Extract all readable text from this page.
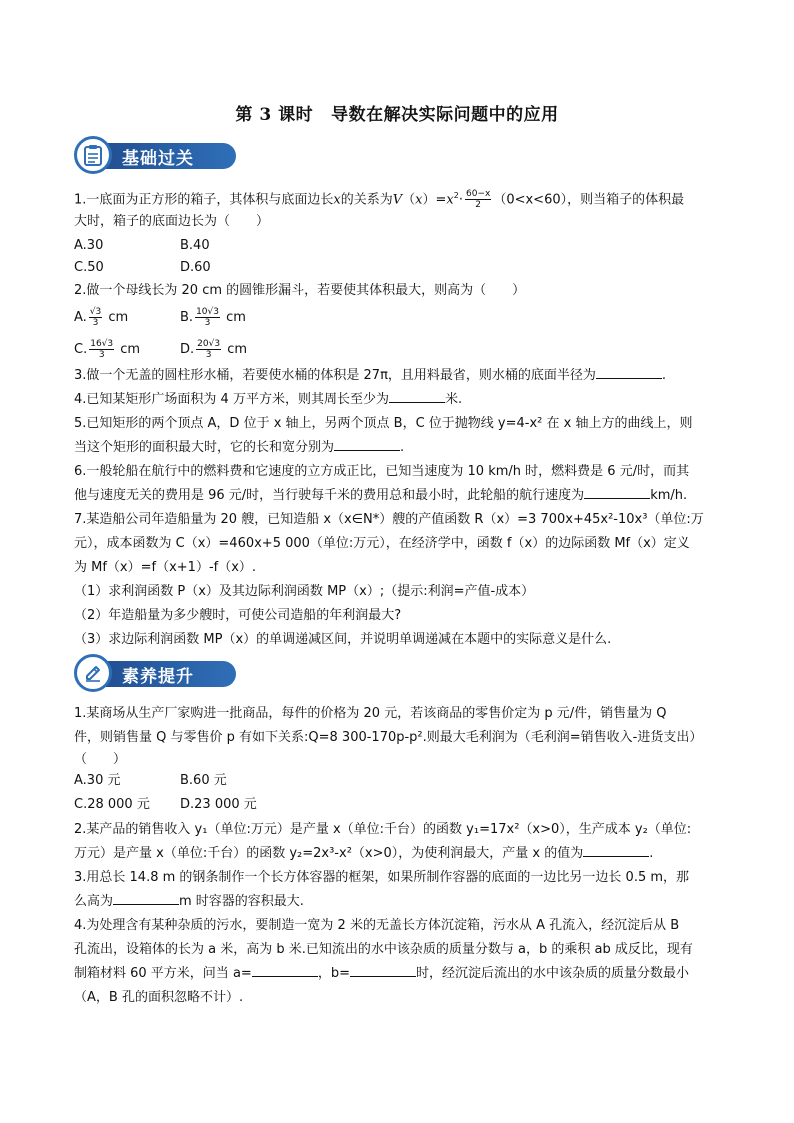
第 3 课时 导数在解决实际问题中的应用
基础过关
1.一底面为正方形的箱子，其体积与底面边长x的关系为$V(x)=x^2\cdot \frac{60-x}{2} (0<x<60)$，则当箱子的体积最
大时，箱子的底面边长为（　　）
A.30	B.40
C.50	D.60
2.做一个母线长为 20 cm 的圆锥形漏斗，若要使其体积最大，则高为（　　）
A. $\frac{√3}{3}$ cm	B. $\frac{10√3}{3}$ cm
C. $\frac{16√3}{3}$ cm	D. $\frac{20√3}{3}$ cm
3.做一个无盖的圆柱形水桶，若要使水桶的体积是 27π，且用料最省，则水桶的底面半径为	.
4.已知某矩形广场面积为 4 万平方米，则其周长至少为	米.
5.已知矩形的两个顶点 A，D 位于 x 轴上，另两个顶点 B，C 位于抛物线 y=4-x² 在 x 轴上方的曲线上，则
当这个矩形的面积最大时，它的长和宽分别为	.
6.一般轮船在航行中的燃料费和它速度的立方成正比，已知当速度为 10 km/h 时，燃料费是 6 元/时，而其
他与速度无关的费用是 96 元/时，当行驶每千米的费用总和最小时，此轮船的航行速度为	km/h.
7.某造船公司年造船量为 20 艘，已知造船 x（x∈N*）艘的产值函数 R（x）=3 700x+45x²-10x³（单位:万
元），成本函数为 C（x）=460x+5 000（单位:万元），在经济学中，函数 f（x）的边际函数 Mf（x）定义
为 Mf（x）=f（x+1）-f（x）.
（1）求利润函数 P（x）及其边际利润函数 MP（x）;（提示:利润=产值-成本）
（2）年造船量为多少艘时，可使公司造船的年利润最大?
（3）求边际利润函数 MP（x）的单调递减区间，并说明单调递减在本题中的实际意义是什么.
素养提升
1.某商场从生产厂家购进一批商品，每件的价格为 20 元，若该商品的零售价定为 p 元/件，销售量为 Q
件，则销售量 Q 与零售价 p 有如下关系:Q=8 300-170p-p².则最大毛利润为（毛利润=销售收入-进货支出）
（　　）
A.30 元	B.60 元
C.28 000 元 D.23 000 元
2.某产品的销售收入 y₁（单位:万元）是产量 x（单位:千台）的函数 y₁=17x²（x>0），生产成本 y₂（单位:
万元）是产量 x（单位:千台）的函数 y₂=2x³-x²（x>0），为使利润最大，产量 x 的值为	.
3.用总长 14.8 m 的钢条制作一个长方体容器的框架，如果所制作容器的底面的一边比另一边长 0.5 m，那
么高为	m 时容器的容积最大.
4.为处理含有某种杂质的污水，要制造一宽为 2 米的无盖长方体沉淀箱，污水从 A 孔流入，经沉淀后从 B
孔流出，设箱体的长为 a 米，高为 b 米.已知流出的水中该杂质的质量分数与 a，b 的乘积 ab 成反比，现有
制箱材料 60 平方米，问当 a=	，b=	时，经沉淀后流出的水中该杂质的质量分数最小
（A，B 孔的面积忽略不计）.
